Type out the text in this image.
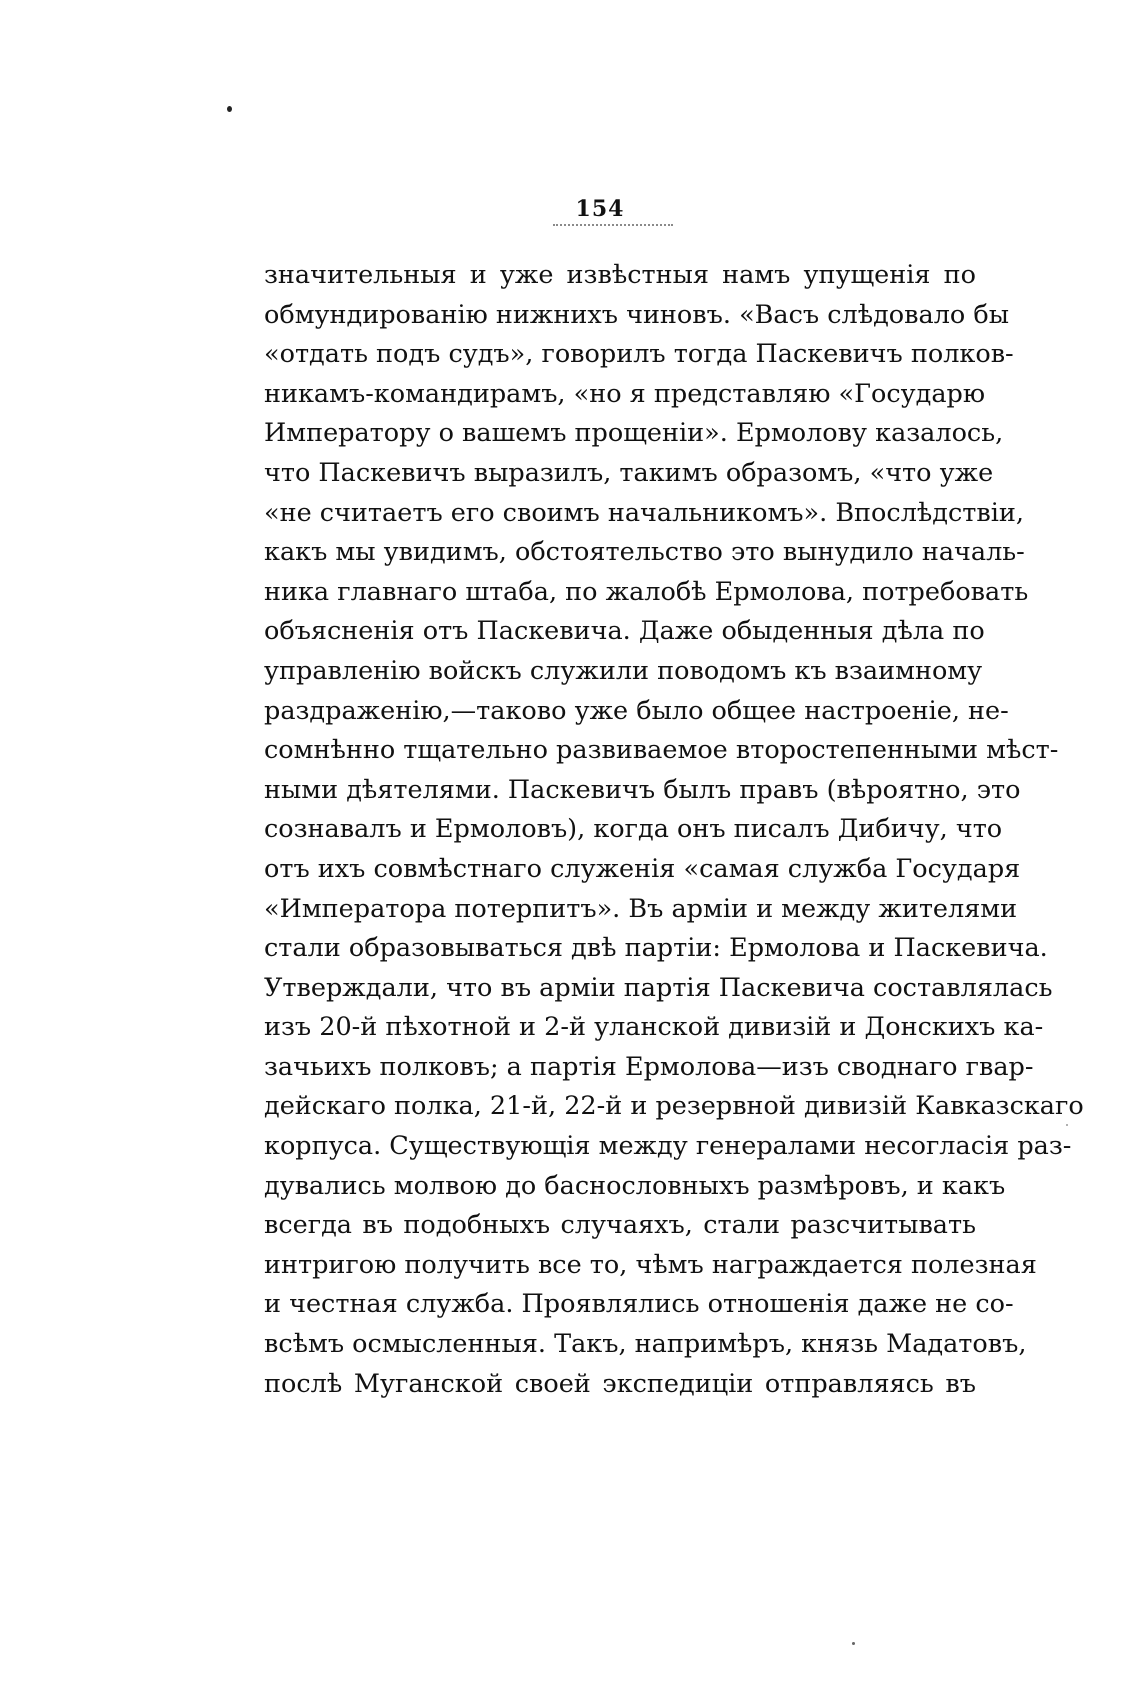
154
значительныя и уже извѣстныя намъ упущенія по
обмундированію нижнихъ чиновъ. «Васъ слѣдовало бы
«отдать подъ судъ», говорилъ тогда Паскевичъ полков-
никамъ-командирамъ, «но я представляю «Государю
Императору о вашемъ прощеніи». Ермолову казалось,
что Паскевичъ выразилъ, такимъ образомъ, «что уже
«не считаетъ его своимъ начальникомъ». Впослѣдствіи,
какъ мы увидимъ, обстоятельство это вынудило началь-
ника главнаго штаба, по жалобѣ Ермолова, потребовать
объясненія отъ Паскевича. Даже обыденныя дѣла по
управленію войскъ служили поводомъ къ взаимному
раздраженію,—таково уже было общее настроеніе, не-
сомнѣнно тщательно развиваемое второстепенными мѣст-
ными дѣятелями. Паскевичъ былъ правъ (вѣроятно, это
сознавалъ и Ермоловъ), когда онъ писалъ Дибичу, что
отъ ихъ совмѣстнаго служенія «самая служба Государя
«Императора потерпитъ». Въ арміи и между жителями
стали образовываться двѣ партіи: Ермолова и Паскевича.
Утверждали, что въ арміи партія Паскевича составлялась
изъ 20-й пѣхотной и 2-й уланской дивизій и Донскихъ ка-
зачьихъ полковъ; а партія Ермолова—изъ своднаго гвар-
дейскаго полка, 21-й, 22-й и резервной дивизій Кавказскаго
корпуса. Существующія между генералами несогласія раз-
дувались молвою до баснословныхъ размѣровъ, и какъ
всегда въ подобныхъ случаяхъ, стали разсчитывать
интригою получить все то, чѣмъ награждается полезная
и честная служба. Проявлялись отношенія даже не со-
всѣмъ осмысленныя. Такъ, напримѣръ, князь Мадатовъ,
послѣ Муганской своей экспедиціи отправляясь въ
